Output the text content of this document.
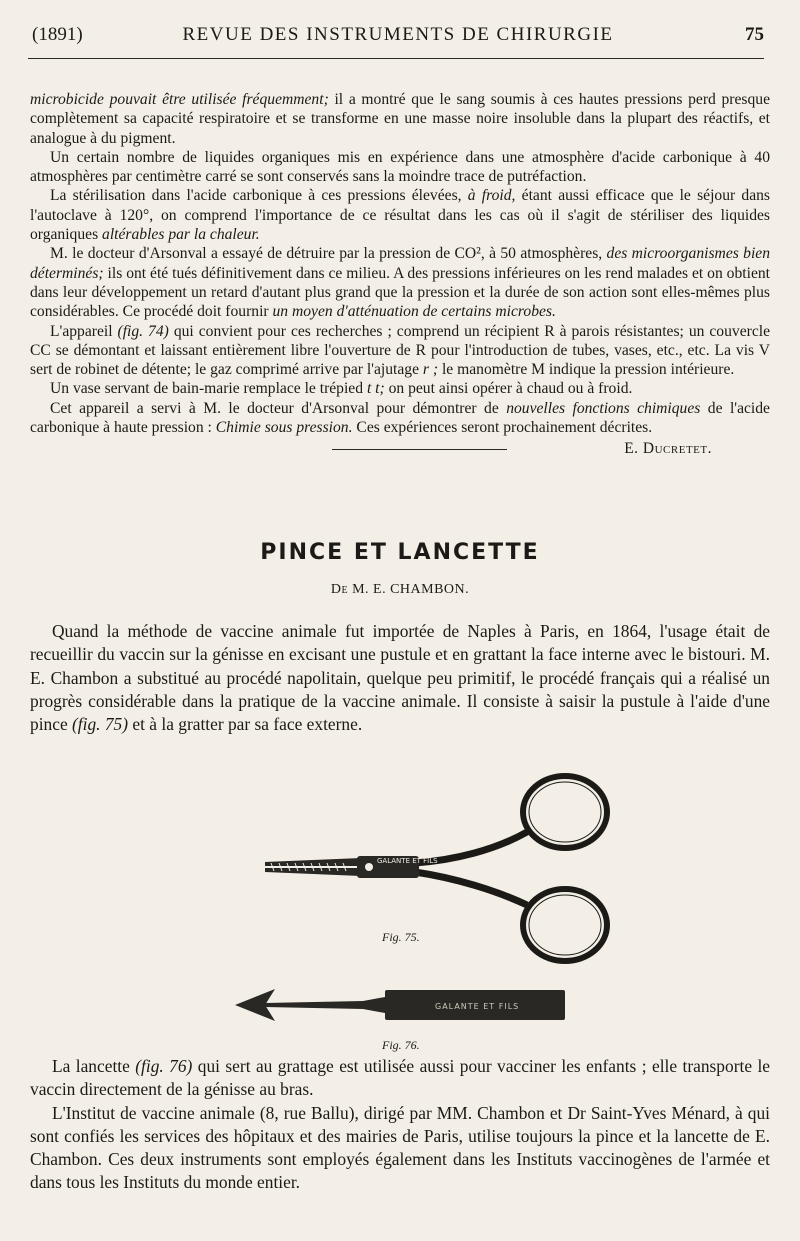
(1891)	REVUE DES INSTRUMENTS DE CHIRURGIE	75

microbicide pouvait être utilisée fréquemment; il a montré que le sang soumis à ces hautes pressions perd presque complètement sa capacité respiratoire et se transforme en une masse noire insoluble dans la plupart des réactifs, et analogue à du pigment.

Un certain nombre de liquides organiques mis en expérience dans une atmosphère d'acide carbonique à 40 atmosphères par centimètre carré se sont conservés sans la moindre trace de putréfaction.

La stérilisation dans l'acide carbonique à ces pressions élevées, à froid, étant aussi efficace que le séjour dans l'autoclave à 120°, on comprend l'importance de ce résultat dans les cas où il s'agit de stériliser des liquides organiques altérables par la chaleur.

M. le docteur d'Arsonval a essayé de détruire par la pression de CO², à 50 atmosphères, des microorganismes bien déterminés; ils ont été tués définitivement dans ce milieu. A des pressions inférieures on les rend malades et on obtient dans leur développement un retard d'autant plus grand que la pression et la durée de son action sont elles-mêmes plus considérables. Ce procédé doit fournir un moyen d'atténuation de certains microbes.

L'appareil (fig. 74) qui convient pour ces recherches ; comprend un récipient R à parois résistantes; un couvercle CC se démontant et laissant entièrement libre l'ouverture de R pour l'introduction de tubes, vases, etc., etc. La vis V sert de robinet de détente; le gaz comprimé arrive par l'ajutage r ; le manomètre M indique la pression intérieure.

Un vase servant de bain-marie remplace le trépied t t; on peut ainsi opérer à chaud ou à froid.

Cet appareil a servi à M. le docteur d'Arsonval pour démontrer de nouvelles fonctions chimiques de l'acide carbonique à haute pression : Chimie sous pression. Ces expériences seront prochainement décrites.

E. Ducretet.
PINCE ET LANCETTE
De M. E. CHAMBON.

Quand la méthode de vaccine animale fut importée de Naples à Paris, en 1864, l'usage était de recueillir du vaccin sur la génisse en excisant une pustule et en grattant la face interne avec le bistouri. M. E. Chambon a substitué au procédé napolitain, quelque peu primitif, le procédé français qui a réalisé un progrès considérable dans la pratique de la vaccine animale. Il consiste à saisir la pustule à l'aide d'une pince (fig. 75) et à la gratter par sa face externe.

GALANTE ET FILS
Fig. 75.
GALANTE ET FILS
Fig. 76.

La lancette (fig. 76) qui sert au grattage est utilisée aussi pour vacciner les enfants ; elle transporte le vaccin directement de la génisse au bras.

L'Institut de vaccine animale (8, rue Ballu), dirigé par MM. Chambon et Dr Saint-Yves Ménard, à qui sont confiés les services des hôpitaux et des mairies de Paris, utilise toujours la pince et la lancette de E. Chambon. Ces deux instruments sont employés également dans les Instituts vaccinogènes de l'armée et dans tous les Instituts du monde entier.
